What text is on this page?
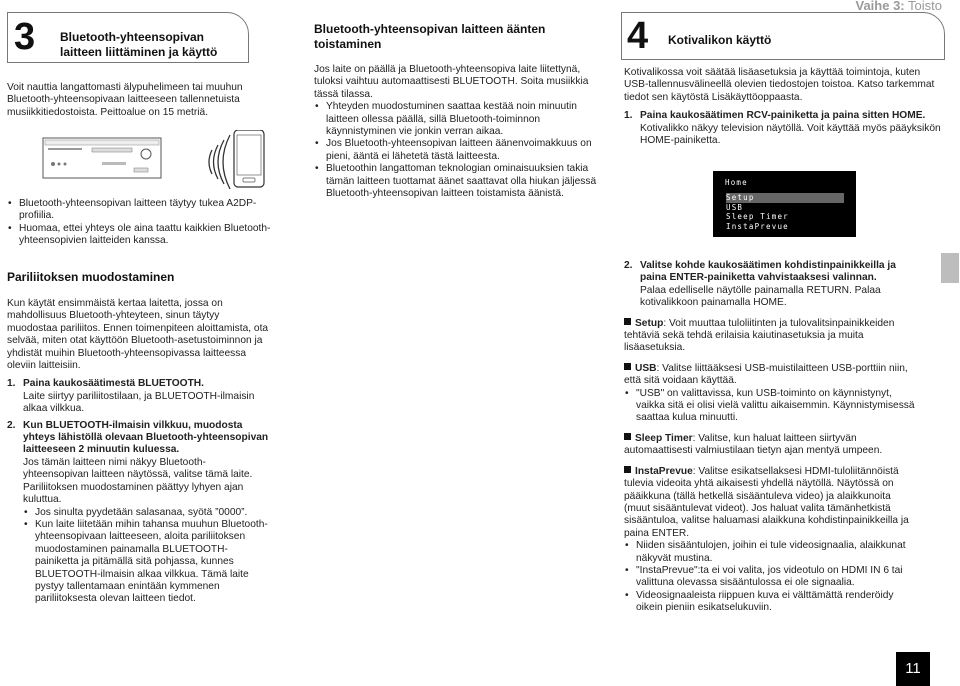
Vaihe 3: Toisto
3 Bluetooth-yhteensopivan laitteen liittäminen ja käyttö

Voit nauttia langattomasti älypuhelimeen tai muuhun Bluetooth-yhteensopivaan laitteeseen tallennetuista musiikkitiedostoista. Peittoalue on 15 metriä.

• Bluetooth-yhteensopivan laitteen täytyy tukea A2DP-profiilia.
• Huomaa, ettei yhteys ole aina taattu kaikkien Bluetooth-yhteensopivien laitteiden kanssa.
Pariliitoksen muodostaminen

Kun käytät ensimmäistä kertaa laitetta, jossa on mahdollisuus Bluetooth-yhteyteen, sinun täytyy muodostaa pariliitos. Ennen toimenpiteen aloittamista, ota selvää, miten otat käyttöön Bluetooth-asetustoiminnon ja yhdistät muihin Bluetooth-yhteensopivassa laitteessa oleviin laitteisiin.

1. Paina kaukosäätimestä BLUETOOTH.

Laite siirtyy pariliitostilaan, ja BLUETOOTH-ilmaisin alkaa vilkkua.

2. Kun BLUETOOTH-ilmaisin vilkkuu, muodosta yhteys lähistöllä olevaan Bluetooth-yhteensopivan laitteeseen 2 minuutin kuluessa.

Jos tämän laitteen nimi näkyy Bluetooth-yhteensopivan laitteen näytössä, valitse tämä laite. Pariliitoksen muodostaminen päättyy lyhyen ajan kuluttua.

• Jos sinulta pyydetään salasanaa, syötä ”0000”.
• Kun laite liitetään mihin tahansa muuhun Bluetooth-yhteensopivaan laitteeseen, aloita pariliitoksen muodostaminen painamalla BLUETOOTH-painiketta ja pitämällä sitä pohjassa, kunnes BLUETOOTH-ilmaisin alkaa vilkkua. Tämä laite pystyy tallentamaan enintään kymmenen pariliitoksesta olevan laitteen tiedot.
Bluetooth-yhteensopivan laitteen äänten toistaminen

Jos laite on päällä ja Bluetooth-yhteensopiva laite liitettynä, tuloksi vaihtuu automaattisesti BLUETOOTH. Soita musiikkia tässä tilassa.

• Yhteyden muodostuminen saattaa kestää noin minuutin laitteen ollessa päällä, sillä Bluetooth-toiminnon käynnistyminen vie jonkin verran aikaa.
• Jos Bluetooth-yhteensopivan laitteen äänenvoimakkuus on pieni, ääntä ei lähetetä tästä laitteesta.
• Bluetoothin langattoman teknologian ominaisuuksien takia tämän laitteen tuottamat äänet saattavat olla hiukan jäljessä Bluetooth-yhteensopivan laitteen toistamista äänistä.
4 Kotivalikon käyttö

Kotivalikossa voit säätää lisäasetuksia ja käyttää toimintoja, kuten USB-tallennusvälineellä olevien tiedostojen toistoa. Katso tarkemmat tiedot sen käytöstä Lisäkäyttöoppaasta.

1. Paina kaukosäätimen RCV-painiketta ja paina sitten HOME.

Kotivalikko näkyy television näytöllä. Voit käyttää myös pääyksikön HOME-painiketta.

Home
Setup
USB
Sleep Timer
InstaPrevue
2. Valitse kohde kaukosäätimen kohdistinpainikkeilla ja paina ENTER-painiketta vahvistaaksesi valinnan.

Palaa edelliselle näytölle painamalla RETURN. Palaa kotivalikkoon painamalla HOME.

Setup: Voit muuttaa tuloliitinten ja tulovalitsinpainikkeiden tehtäviä sekä tehdä erilaisia kaiutinasetuksia ja muita lisäasetuksia.

USB: Valitse liittääksesi USB-muistilaitteen USB-porttiin niin, että sitä voidaan käyttää.

• "USB" on valittavissa, kun USB-toiminto on käynnistynyt, vaikka sitä ei olisi vielä valittu aikaisemmin. Käynnistymisessä saattaa kulua minuutti.

Sleep Timer: Valitse, kun haluat laitteen siirtyvän automaattisesti valmiustilaan tietyn ajan mentyä umpeen.

InstaPrevue: Valitse esikatsellaksesi HDMI-tuloliitännöistä tulevia videoita yhtä aikaisesti yhdellä näytöllä. Näytössä on pääikkuna (tällä hetkellä sisääntuleva video) ja alaikkunoita (muut sisääntulevat videot). Jos haluat valita tämänhetkistä sisääntuloa, valitse haluamasi alaikkuna kohdistinpainikkeilla ja paina ENTER.

• Niiden sisääntulojen, joihin ei tule videosignaalia, alaikkunat näkyvät mustina.
• "InstaPrevue":ta ei voi valita, jos videotulo on HDMI IN 6 tai valittuna olevassa sisääntulossa ei ole signaalia.
• Videosignaaleista riippuen kuva ei välttämättä renderöidy oikein pieniin esikatselukuviin.
11
